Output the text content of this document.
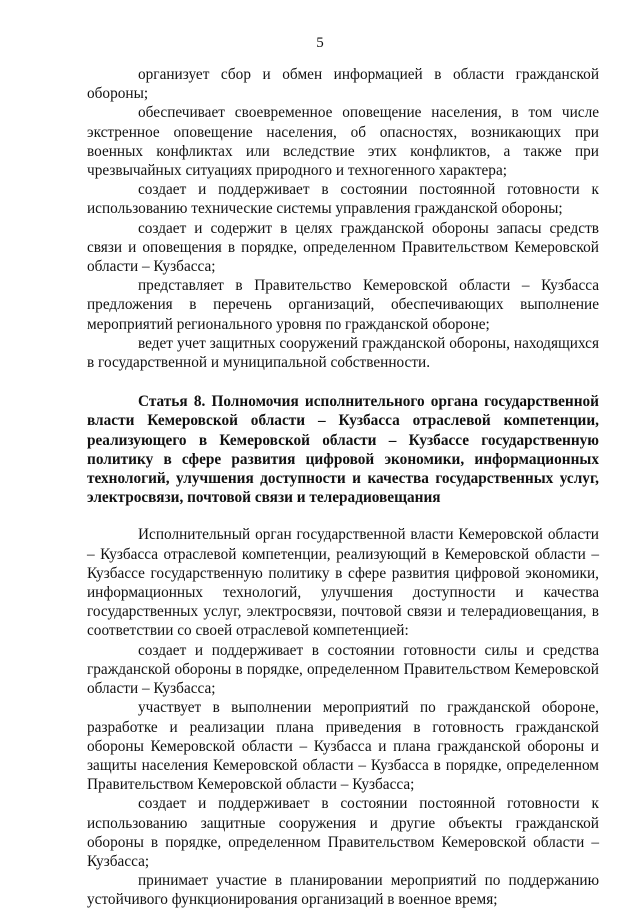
5

организует сбор и обмен информацией в области гражданской обороны;

обеспечивает своевременное оповещение населения, в том числе экстренное оповещение населения, об опасностях, возникающих при военных конфликтах или вследствие этих конфликтов, а также при чрезвычайных ситуациях природного и техногенного характера;

создает и поддерживает в состоянии постоянной готовности к использованию технические системы управления гражданской обороны;

создает и содержит в целях гражданской обороны запасы средств связи и оповещения в порядке, определенном Правительством Кемеровской области – Кузбасса;

представляет в Правительство Кемеровской области – Кузбасса предложения в перечень организаций, обеспечивающих выполнение мероприятий регионального уровня по гражданской обороне;

ведет учет защитных сооружений гражданской обороны, находящихся в государственной и муниципальной собственности.

Статья 8. Полномочия исполнительного органа государственной власти Кемеровской области – Кузбасса отраслевой компетенции, реализующего в Кемеровской области – Кузбассе государственную политику в сфере развития цифровой экономики, информационных технологий, улучшения доступности и качества государственных услуг, электросвязи, почтовой связи и телерадиовещания

Исполнительный орган государственной власти Кемеровской области – Кузбасса отраслевой компетенции, реализующий в Кемеровской области – Кузбассе государственную политику в сфере развития цифровой экономики, информационных технологий, улучшения доступности и качества государственных услуг, электросвязи, почтовой связи и телерадиовещания, в соответствии со своей отраслевой компетенцией:

создает и поддерживает в состоянии готовности силы и средства гражданской обороны в порядке, определенном Правительством Кемеровской области – Кузбасса;

участвует в выполнении мероприятий по гражданской обороне, разработке и реализации плана приведения в готовность гражданской обороны Кемеровской области – Кузбасса и плана гражданской обороны и защиты населения Кемеровской области – Кузбасса в порядке, определенном Правительством Кемеровской области – Кузбасса;

создает и поддерживает в состоянии постоянной готовности к использованию защитные сооружения и другие объекты гражданской обороны в порядке, определенном Правительством Кемеровской области – Кузбасса;

принимает участие в планировании мероприятий по поддержанию устойчивого функционирования организаций в военное время;
